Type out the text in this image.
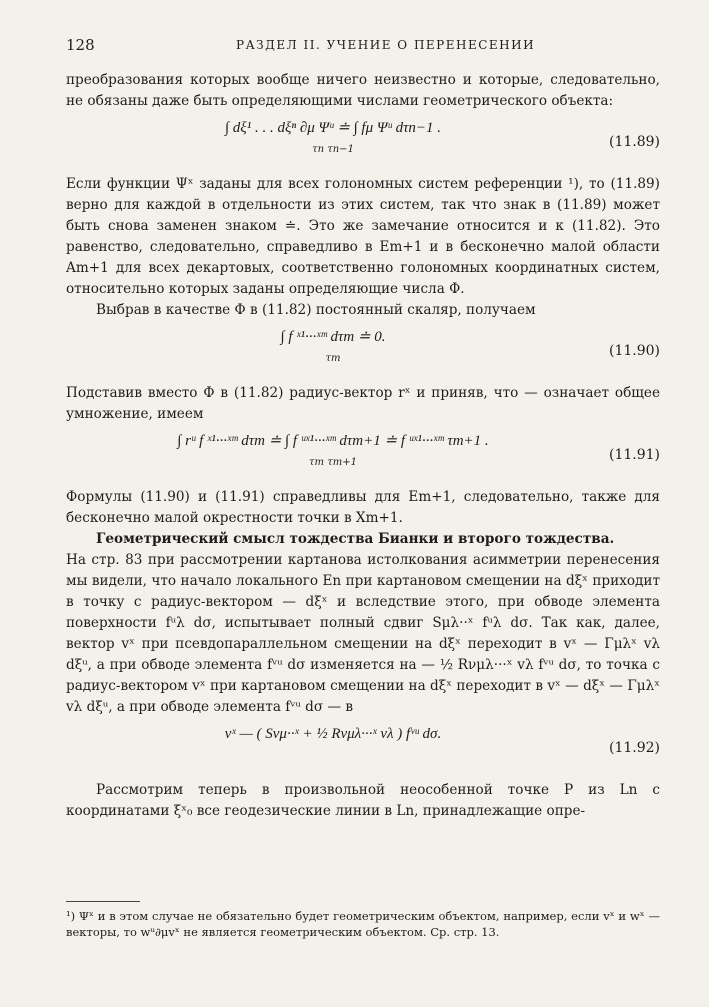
128	РАЗДЕЛ II. УЧЕНИЕ О ПЕРЕНЕСЕНИИ

преобразования которых вообще ничего неизвестно и которые, следовательно, не обязаны даже быть определяющими числами геометрического объекта:

∫ dξ¹ . . . dξⁿ ∂μ Ψᵘ ≐ ∫ fμ Ψᵘ dτn−1 .
τn τn−1	(11.89)

Если функции Ψˣ заданы для всех голономных систем референции ¹), то (11.89) верно для каждой в отдельности из этих систем, так что знак в (11.89) может быть снова заменен знаком ≐. Это же замечание относится и к (11.82). Это равенство, следовательно, справедливо в Em+1 и в бесконечно малой области Am+1 для всех декартовых, соответственно голономных координатных систем, относительно которых заданы определяющие числа Φ.

Выбрав в качестве Φ в (11.82) постоянный скаляр, получаем

∫ f ˣ¹···ˣᵐ dτm ≐ 0.
τm	(11.90)

Подставив вместо Φ в (11.82) радиус-вектор rˣ и приняв, что — означает общее умножение, имеем

∫ rᵘ f ˣ¹···ˣᵐ dτm ≐ ∫ f ᵘˣ¹···ˣᵐ dτm+1 ≐ f ᵘˣ¹···ˣᵐ τm+1 .
τm τm+1	(11.91)

Формулы (11.90) и (11.91) справедливы для Em+1, следовательно, также для бесконечно малой окрестности точки в Xm+1.

Геометрический смысл тождества Бианки и второго тождества.

На стр. 83 при рассмотрении картанова истолкования асимметрии перенесения мы видели, что начало локального En при картановом смещении на dξˣ приходит в точку с радиус-вектором — dξˣ и вследствие этого, при обводе элемента поверхности fᵘλ dσ, испытывает полный сдвиг Sμλ··ˣ fᵘλ dσ. Так как, далее, вектор vˣ при псевдопараллельном смещении на dξˣ переходит в vˣ — Γμλˣ vλ dξᵘ, а при обводе элемента fᵛᵘ dσ изменяется на — ½ Rνμλ···ˣ vλ fᵛᵘ dσ, то точка с радиус-вектором vˣ при картановом смещении на dξˣ переходит в vˣ — dξˣ — Γμλˣ vλ dξᵘ, а при обводе элемента fᵛᵘ dσ — в

vˣ — ( Sνμ··ˣ + ½ Rνμλ···ˣ vλ ) fᵛᵘ dσ.
(11.92)

Рассмотрим теперь в произвольной неособенной точке P из Ln с координатами ξˣ₀ все геодезические линии в Ln, принадлежащие опре-

¹) Ψˣ и в этом случае не обязательно будет геометрическим объектом, например, если vˣ и wˣ — векторы, то wᵘ∂μvˣ не является геометрическим объектом. Ср. стр. 13.
